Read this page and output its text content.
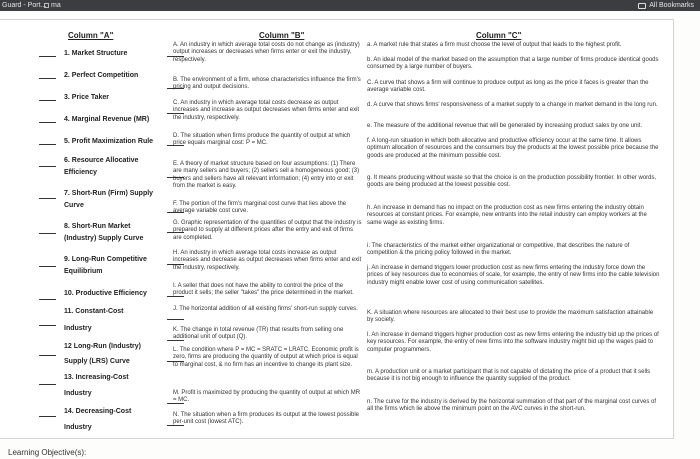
Guard - Port... ma	All Bookmarks
Column "A"	Column "B"	Column "C"
1. Market Structure
2. Perfect Competition
3. Price Taker
4. Marginal Revenue (MR)
5. Profit Maximization Rule
6. Resource Allocative
Efficiency
7. Short-Run (Firm) Supply
Curve
8. Short-Run Market
(Industry) Supply Curve
9. Long-Run Competitive
Equilibrium
10. Productive Efficiency
11. Constant-Cost
Industry
12 Long-Run (Industry)
Supply (LRS) Curve
13. Increasing-Cost
Industry
14. Decreasing-Cost
Industry
A. An industry in which average total costs do not change as (industry) output increases or decreases when firms enter or exit the industry, respectively.
B. The environment of a firm, whose characteristics influence the firm's pricing and output decisions.
C. An industry in which average total costs decrease as output increases and increase as output decreases when firms enter and exit the industry, respectively.
D. The situation when firms produce the quantity of output at which price equals marginal cost: P = MC.
E. A theory of market structure based on four assumptions: (1) There are many sellers and buyers; (2) sellers sell a homogeneous good; (3) buyers and sellers have all relevant information; (4) entry into or exit from the market is easy.
F. The portion of the firm's marginal cost curve that lies above the average variable cost curve.
G. Graphic representation of the quantities of output that the industry is prepared to supply at different prices after the entry and exit of firms are completed.
H. An industry in which average total costs increase as output increases and decrease as output decreases when firms enter and exit the industry, respectively.
I. A seller that does not have the ability to control the price of the product it sells; the seller "takes" the price determined in the market.
J. The horizontal addition of all existing firms' short-run supply curves.
K. The change in total revenue (TR) that results from selling one additional unit of output (Q).
L. The condition where P = MC = SRATC = LRATC. Economic profit is zero, firms are producing the quantity of output at which price is equal to marginal cost, & no firm has an incentive to change its plant size.
M. Profit is maximized by producing the quantity of output at which MR = MC.
N. The situation when a firm produces its output at the lowest possible per-unit cost (lowest ATC).
a. A market rule that states a firm must choose the level of output that leads to the highest profit.
b. An ideal model of the market based on the assumption that a large number of firms produce identical goods consumed by a large number of buyers.
C. A curve that shows a firm will continue to produce output as long as the price it faces is greater than the average variable cost.
d. A curve that shows firms' responsiveness of a market supply to a change in market demand in the long run.
e. The measure of the additional revenue that will be generated by increasing product sales by one unit.
f. A long-run situation in which both allocative and productive efficiency occur at the same time. It allows optimum allocation of resources and the consumers buy the products at the lowest possible price because the goods are produced at the minimum possible cost.
g. It means producing without waste so that the choice is on the production possibility frontier. In other words, goods are being produced at the lowest possible cost.
h. An increase in demand has no impact on the production cost as new firms entering the industry obtain resources at constant prices. For example, new entrants into the retail industry can employ workers at the same wage as existing firms.
i. The characteristics of the market either organizational or competitive, that describes the nature of competition & the pricing policy followed in the market.
j. An increase in demand triggers lower production cost as new firms entering the industry force down the prices of key resources due to economies of scale, for example, the entry of new firms into the cable television industry might enable lower cost of using communication satellites.
K. A situation where resources are allocated to their best use to provide the maximum satisfaction attainable by society.
l. An increase in demand triggers higher production cost as new firms entering the industry bid up the prices of key resources. For example, the entry of new firms into the software industry might bid up the wages paid to computer programmers.
m. A production unit or a market participant that is not capable of dictating the price of a product that it sells because it is not big enough to influence the quantity supplied of the product.
n. The curve for the industry is derived by the horizontal summation of that part of the marginal cost curves of all the firms which lie above the minimum point on the AVC curves in the short-run.
Learning Objective(s):
